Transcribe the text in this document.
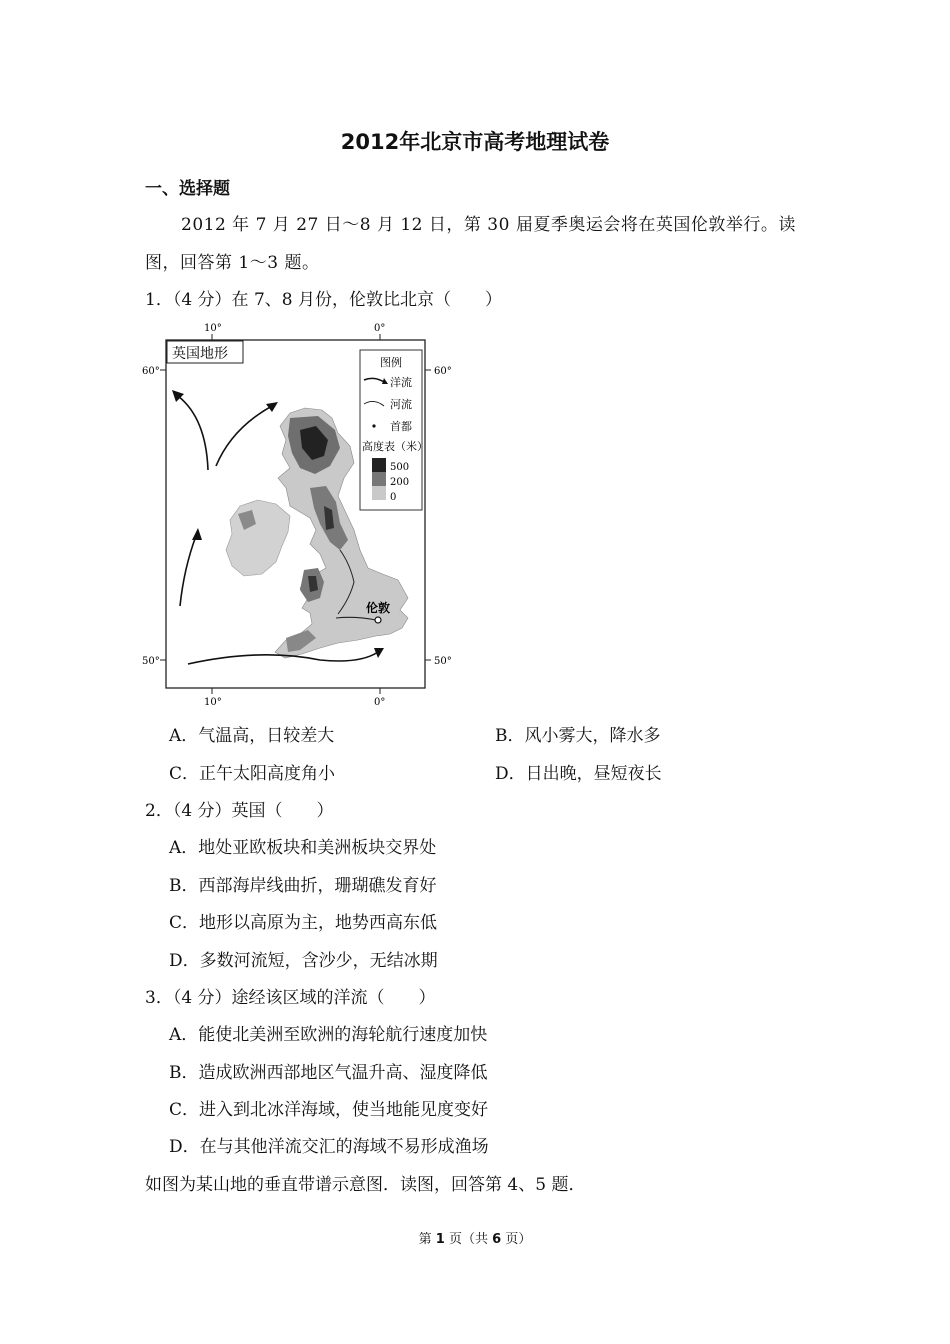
2012年北京市高考地理试卷
一、选择题
2012 年 7 月 27 日～8 月 12 日，第 30 届夏季奥运会将在英国伦敦举行。读
图，回答第 1～3 题。
1．（4 分）在 7、8 月份，伦敦比北京（　　）
10°	0°
10°	0°
60°	60°
50°	50°
英国地形
伦敦
图例
洋流
河流
首都
高度表（米）
500
200
0
A．气温高，日较差大	B．风小雾大，降水多
C．正午太阳高度角小	D．日出晚，昼短夜长
2．（4 分）英国（　　）
A．地处亚欧板块和美洲板块交界处
B．西部海岸线曲折，珊瑚礁发育好
C．地形以高原为主，地势西高东低
D．多数河流短，含沙少，无结冰期
3．（4 分）途经该区域的洋流（　　）
A．能使北美洲至欧洲的海轮航行速度加快
B．造成欧洲西部地区气温升高、湿度降低
C．进入到北冰洋海域，使当地能见度变好
D．在与其他洋流交汇的海域不易形成渔场
如图为某山地的垂直带谱示意图．读图，回答第 4、5 题．
第 1 页（共 6 页）
